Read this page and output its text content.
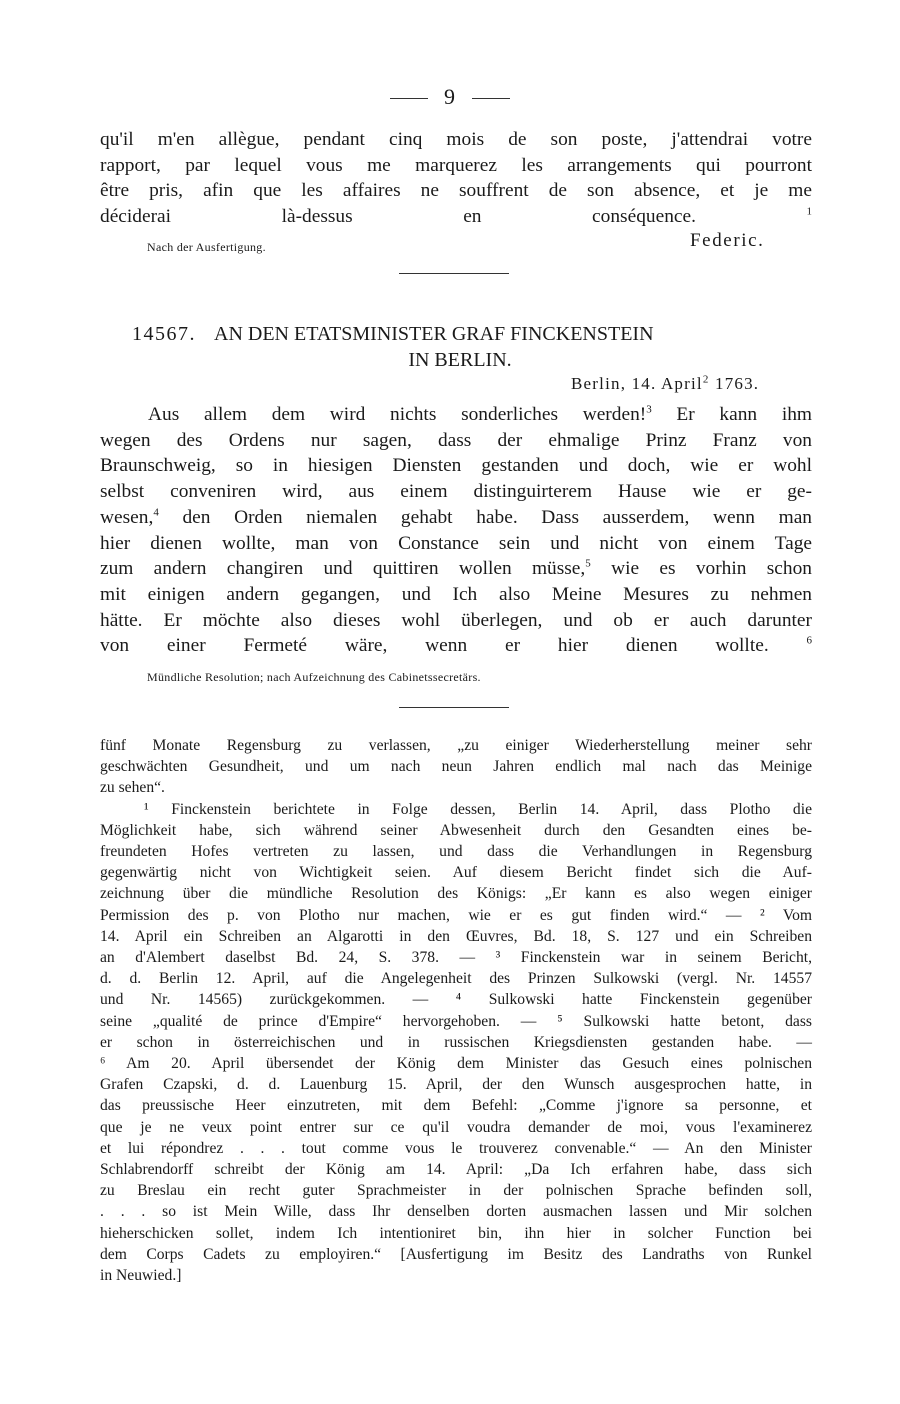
9
qu'il m'en allègue, pendant cinq mois de son poste, j'attendrai votre
rapport, par lequel vous me marquerez les arrangements qui pourront
être pris, afin que les affaires ne souffrent de son absence, et je me
déciderai là-dessus en conséquence.	$^1$
Nach der Ausfertigung.	Federic.
14567. AN DEN ETATSMINISTER GRAF FINCKENSTEIN
IN BERLIN.
Berlin, 14. April$^2$ 1763.
Aus allem dem wird nichts sonderliches werden!$^3$ Er kann ihm
wegen des Ordens nur sagen, dass der ehmalige Prinz Franz von
Braunschweig, so in hiesigen Diensten gestanden und doch, wie er wohl
selbst conveniren wird, aus einem distinguirterem Hause wie er ge-
wesen,$^4$ den Orden niemalen gehabt habe. Dass ausserdem, wenn man
hier dienen wollte, man von Constance sein und nicht von einem Tage
zum andern changiren und quittiren wollen müsse,$^5$ wie es vorhin schon
mit einigen andern gegangen, und Ich also Meine Mesures zu nehmen
hätte. Er möchte also dieses wohl überlegen, und ob er auch darunter
von einer Fermeté wäre, wenn er hier dienen wollte.	$^6$
Mündliche Resolution; nach Aufzeichnung des Cabinetssecretärs.
fünf Monate Regensburg zu verlassen, „zu einiger Wiederherstellung meiner sehr
geschwächten Gesundheit, und um nach neun Jahren endlich mal nach das Meinige
zu sehen“.
¹ Finckenstein berichtete in Folge dessen, Berlin 14. April, dass Plotho die
Möglichkeit habe, sich während seiner Abwesenheit durch den Gesandten eines be-
freundeten Hofes vertreten zu lassen, und dass die Verhandlungen in Regensburg
gegenwärtig nicht von Wichtigkeit seien. Auf diesem Bericht findet sich die Auf-
zeichnung über die mündliche Resolution des Königs: „Er kann es also wegen einiger
Permission des p. von Plotho nur machen, wie er es gut finden wird.“ — ² Vom
14. April ein Schreiben an Algarotti in den Œuvres, Bd. 18, S. 127 und ein Schreiben
an d'Alembert daselbst Bd. 24, S. 378. — ³ Finckenstein war in seinem Bericht,
d. d. Berlin 12. April, auf die Angelegenheit des Prinzen Sulkowski (vergl. Nr. 14557
und Nr. 14565) zurückgekommen. — ⁴ Sulkowski hatte Finckenstein gegenüber
seine „qualité de prince d'Empire“ hervorgehoben. — ⁵ Sulkowski hatte betont, dass
er schon in österreichischen und in russischen Kriegsdiensten gestanden habe. —
⁶ Am 20. April übersendet der König dem Minister das Gesuch eines polnischen
Grafen Czapski, d. d. Lauenburg 15. April, der den Wunsch ausgesprochen hatte, in
das preussische Heer einzutreten, mit dem Befehl: „Comme j'ignore sa personne, et
que je ne veux point entrer sur ce qu'il voudra demander de moi, vous l'examinerez
et lui répondrez . . . tout comme vous le trouverez convenable.“ — An den Minister
Schlabrendorff schreibt der König am 14. April: „Da Ich erfahren habe, dass sich
zu Breslau ein recht guter Sprachmeister in der polnischen Sprache befinden soll,
. . . so ist Mein Wille, dass Ihr denselben dorten ausmachen lassen und Mir solchen
hieherschicken sollet, indem Ich intentioniret bin, ihn hier in solcher Function bei
dem Corps Cadets zu employiren.“ [Ausfertigung im Besitz des Landraths von Runkel
in Neuwied.]
